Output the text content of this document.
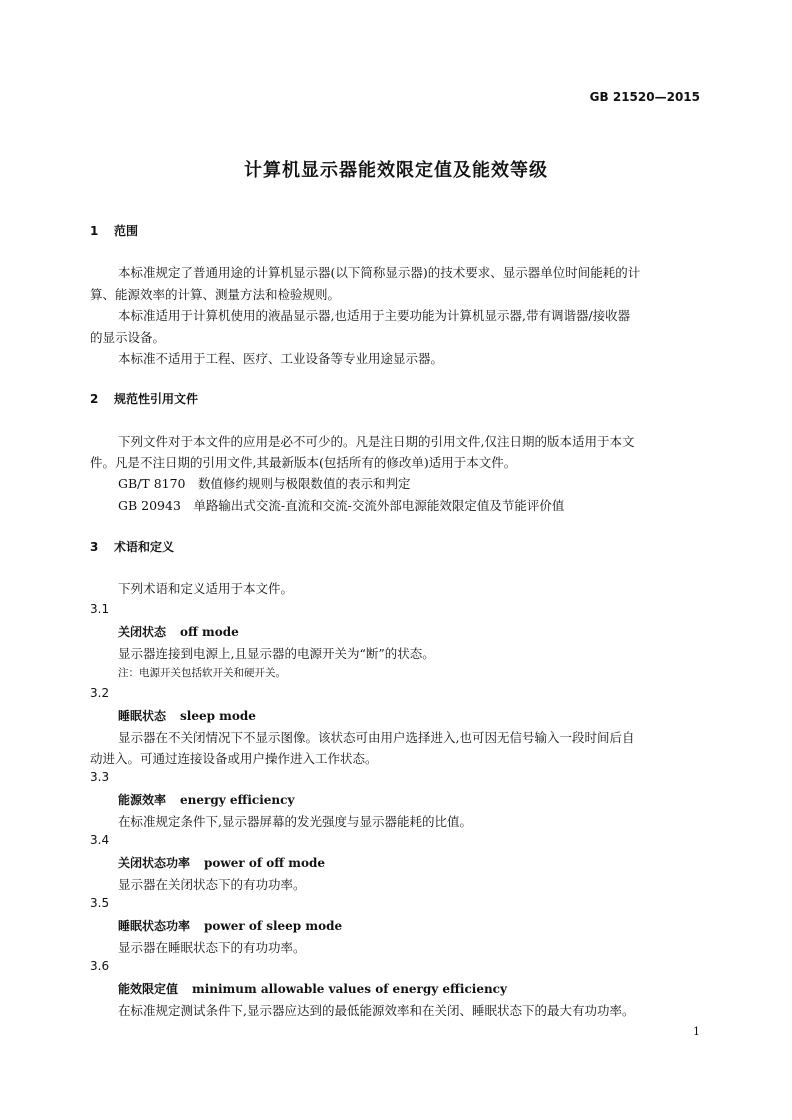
GB 21520—2015
计算机显示器能效限定值及能效等级
1 范围
本标准规定了普通用途的计算机显示器(以下简称显示器)的技术要求、显示器单位时间能耗的计
算、能源效率的计算、测量方法和检验规则。
本标准适用于计算机使用的液晶显示器,也适用于主要功能为计算机显示器,带有调谐器/接收器
的显示设备。
本标准不适用于工程、医疗、工业设备等专业用途显示器。
2 规范性引用文件
下列文件对于本文件的应用是必不可少的。凡是注日期的引用文件,仅注日期的版本适用于本文
件。凡是不注日期的引用文件,其最新版本(包括所有的修改单)适用于本文件。
GB/T 8170　数值修约规则与极限数值的表示和判定
GB 20943　单路输出式交流-直流和交流-交流外部电源能效限定值及节能评价值
3 术语和定义
下列术语和定义适用于本文件。
3.1
关闭状态 off mode
显示器连接到电源上,且显示器的电源开关为“断”的状态。
注：电源开关包括软开关和硬开关。
3.2
睡眠状态 sleep mode
显示器在不关闭情况下不显示图像。该状态可由用户选择进入,也可因无信号输入一段时间后自
动进入。可通过连接设备或用户操作进入工作状态。
3.3
能源效率 energy efficiency
在标准规定条件下,显示器屏幕的发光强度与显示器能耗的比值。
3.4
关闭状态功率 power of off mode
显示器在关闭状态下的有功功率。
3.5
睡眠状态功率 power of sleep mode
显示器在睡眠状态下的有功功率。
3.6
能效限定值 minimum allowable values of energy efficiency
在标准规定测试条件下,显示器应达到的最低能源效率和在关闭、睡眠状态下的最大有功功率。
1
